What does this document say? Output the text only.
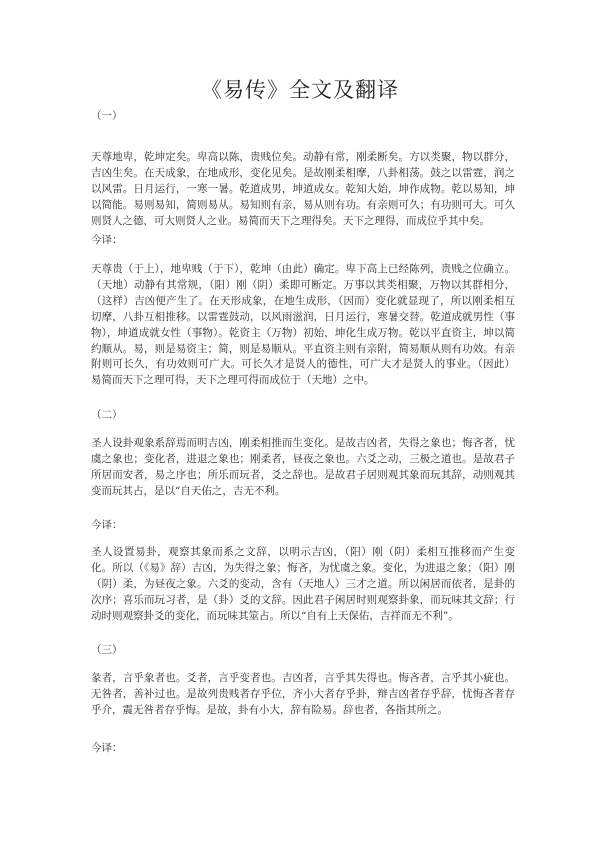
《易传》全文及翻译
（一）
天尊地卑，乾坤定矣。卑高以陈，贵贱位矣。动静有常，刚柔断矣。方以类聚，物以群分，吉凶生矣。在天成象，在地成形，变化见矣。是故刚柔相摩，八卦相荡。鼓之以雷霆，润之以风雷。日月运行，一寒一暑。乾道成男，坤道成女。乾知大始，坤作成物。乾以易知，坤以简能。易则易知，简则易从。易知则有亲，易从则有功。有亲则可久；有功则可大。可久则贤人之德，可大则贤人之业。易简而天下之理得矣。天下之理得，而成位乎其中矣。
今译：
天尊贵（于上），地卑贱（于下），乾坤（由此）确定。卑下高上已经陈列，贵贱之位确立。（天地）动静有其常规，（阳）刚（阴）柔即可断定。万事以其类相聚，万物以其群相分，（这样）吉凶便产生了。在天形成象，在地生成形，（因而）变化就显现了，所以刚柔相互切摩，八卦互相推移。以雷霆鼓动，以风雨滋润，日月运行，寒暑交替。乾道成就男性（事物），坤道成就女性（事物）。乾资主（万物）初始，坤化生成万物。乾以平直资主，坤以简约顺从。易，则是易资主；简，则是易顺从。平直资主则有亲附，简易顺从则有功效。有亲附则可长久，有功效则可广大。可长久才是贤人的德性，可广大才是贤人的事业。（因此）易简而天下之理可得，天下之理可得而成位于（天地）之中。
（二）
圣人设卦观象系辞焉而明吉凶，刚柔相推而生变化。是故吉凶者，失得之象也；悔吝者，忧虞之象也；变化者，进退之象也；刚柔者，昼夜之象也。六爻之动，三极之道也。是故君子所居而安者，易之序也；所乐而玩者，爻之辞也。是故君子居则观其象而玩其辞，动则观其变而玩其占，是以“自天佑之，吉无不利。
今译：
圣人设置易卦，观察其象而系之文辞，以明示吉凶，（阳）刚（阴）柔相互推移而产生变化。所以（《易》辞）吉凶，为失得之象；悔吝，为忧虞之象。变化，为进退之象；（阳）刚（阴）柔，为昼夜之象。六爻的变动，含有（天地人）三才之道。所以闲居而依者，是卦的次序；喜乐而玩习者，是（卦）爻的文辞。因此君子闲居时则观察卦象，而玩味其文辞；行动时则观察卦爻的变化，而玩味其筮占。所以“自有上天保佑，吉祥而无不利”。
（三）
彖者，言乎象者也。爻者，言乎变者也。吉凶者，言乎其失得也。悔吝者，言乎其小疵也。无咎者，善补过也。是故列贵贱者存乎位，齐小大者存乎卦，辩吉凶者存乎辞，忧悔吝者存乎介，震无咎者存乎悔。是故，卦有小大，辞有险易。辞也者，各指其所之。
今译：
